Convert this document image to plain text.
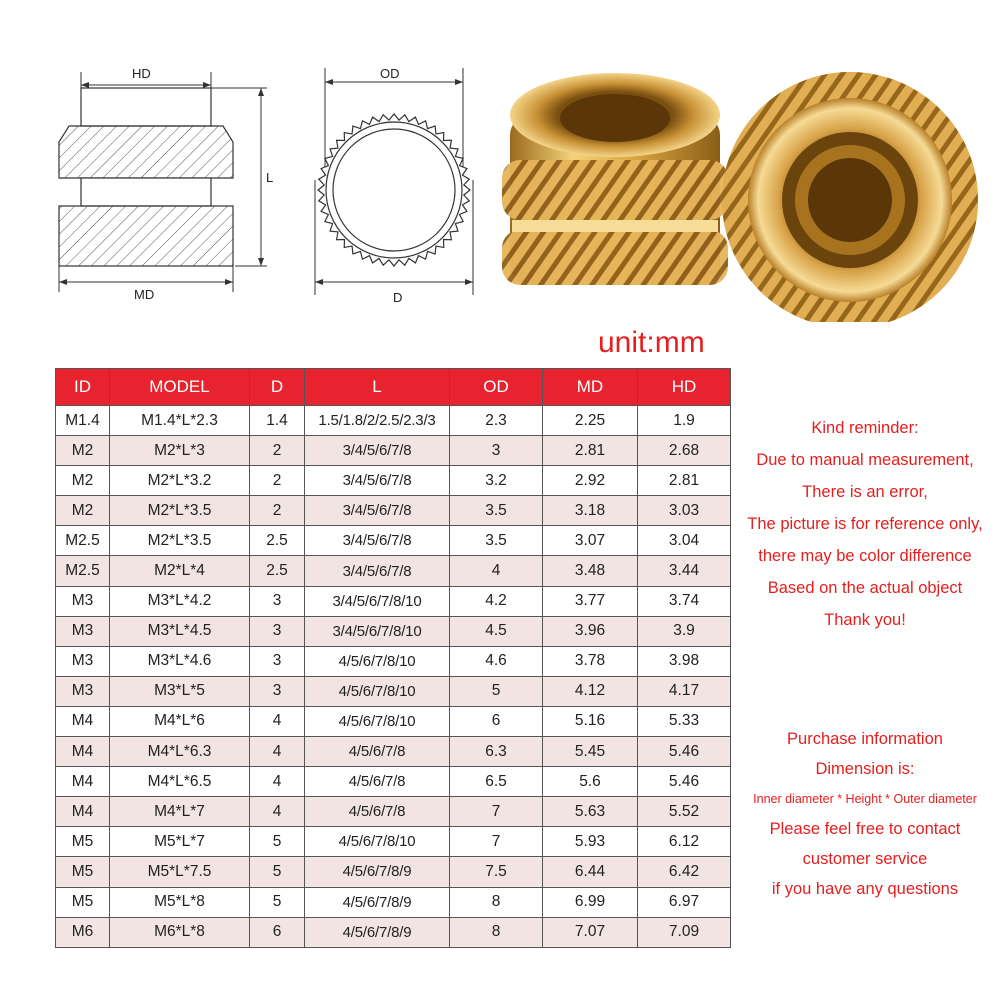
HD
L
MD
OD
D
unit:mm
ID	MODEL	D	L	OD	MD	HD
M1.4	M1.4*L*2.3	1.4	1.5/1.8/2/2.5/2.3/3	2.3	2.25	1.9
M2	M2*L*3	2	3/4/5/6/7/8	3	2.81	2.68
M2	M2*L*3.2	2	3/4/5/6/7/8	3.2	2.92	2.81
M2	M2*L*3.5	2	3/4/5/6/7/8	3.5	3.18	3.03
M2.5	M2*L*3.5	2.5	3/4/5/6/7/8	3.5	3.07	3.04
M2.5	M2*L*4	2.5	3/4/5/6/7/8	4	3.48	3.44
M3	M3*L*4.2	3	3/4/5/6/7/8/10	4.2	3.77	3.74
M3	M3*L*4.5	3	3/4/5/6/7/8/10	4.5	3.96	3.9
M3	M3*L*4.6	3	4/5/6/7/8/10	4.6	3.78	3.98
M3	M3*L*5	3	4/5/6/7/8/10	5	4.12	4.17
M4	M4*L*6	4	4/5/6/7/8/10	6	5.16	5.33
M4	M4*L*6.3	4	4/5/6/7/8	6.3	5.45	5.46
M4	M4*L*6.5	4	4/5/6/7/8	6.5	5.6	5.46
M4	M4*L*7	4	4/5/6/7/8	7	5.63	5.52
M5	M5*L*7	5	4/5/6/7/8/10	7	5.93	6.12
M5	M5*L*7.5	5	4/5/6/7/8/9	7.5	6.44	6.42
M5	M5*L*8	5	4/5/6/7/8/9	8	6.99	6.97
M6	M6*L*8	6	4/5/6/7/8/9	8	7.07	7.09
Kind reminder:
Due to manual measurement,
There is an error,
The picture is for reference only,
there may be color difference
Based on the actual object
Thank you!
Purchase information
Dimension is:
Inner diameter * Height * Outer diameter
Please feel free to contact
customer service
if you have any questions
